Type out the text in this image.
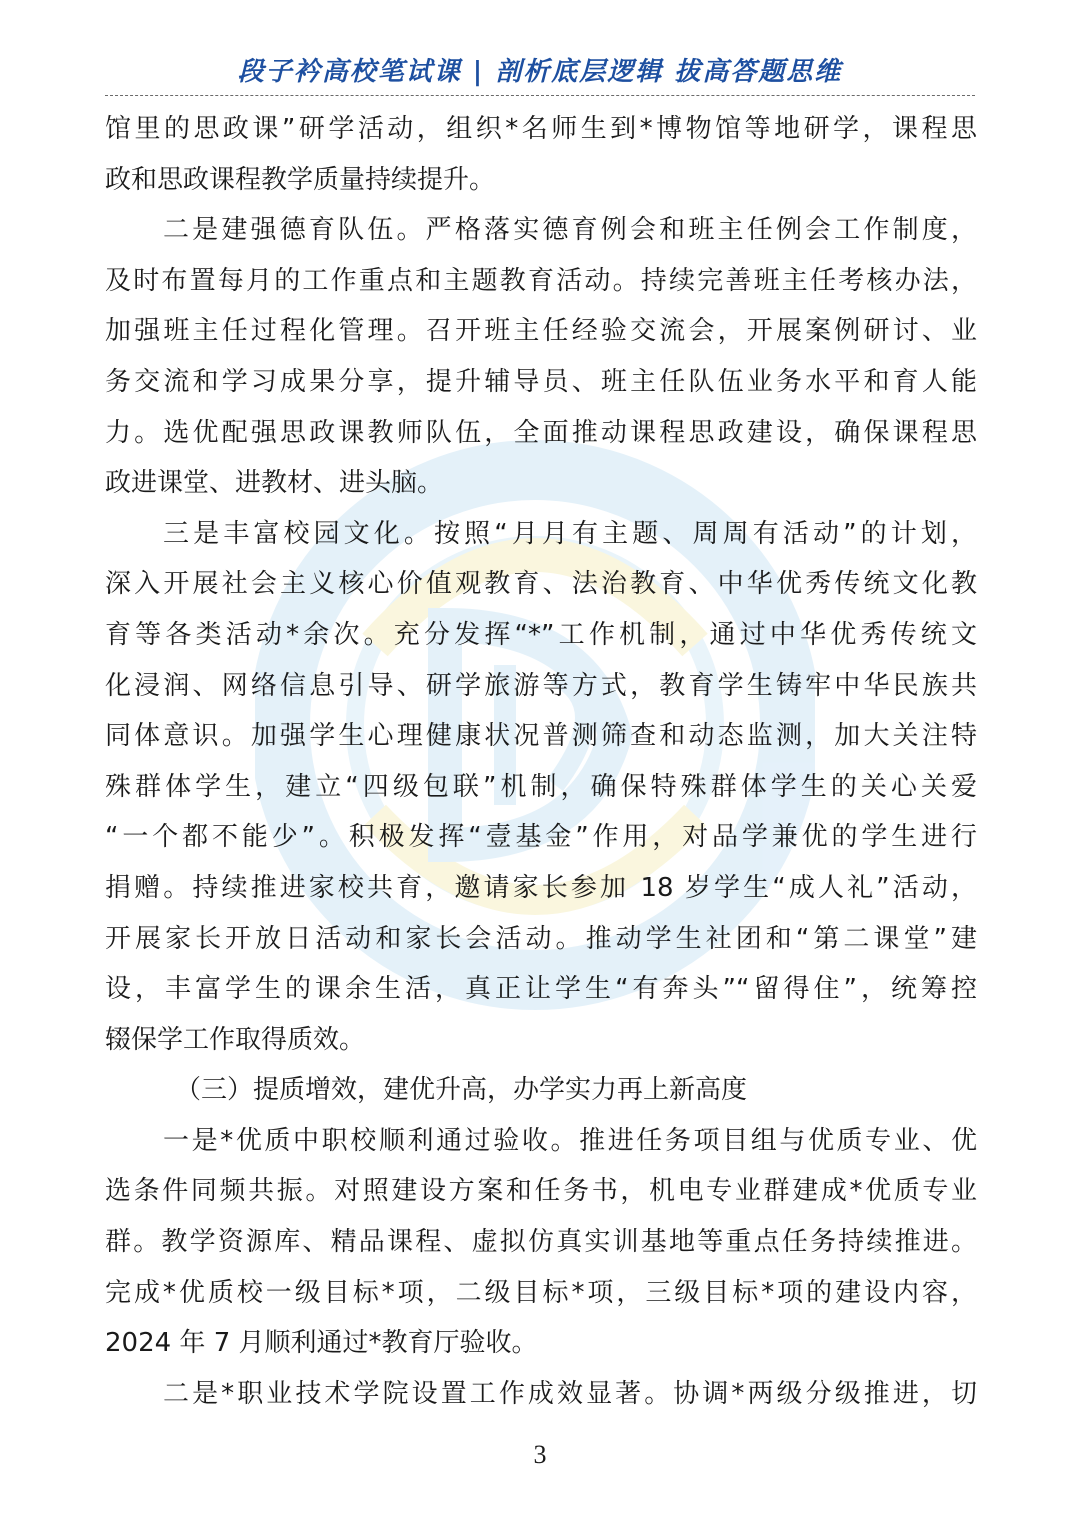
段子衿高校笔试课 | 剖析底层逻辑 拔高答题思维
馆里的思政课”研学活动，组织*名师生到*博物馆等地研学，课程思
政和思政课程教学质量持续提升。
二是建强德育队伍。严格落实德育例会和班主任例会工作制度，
及时布置每月的工作重点和主题教育活动。持续完善班主任考核办法，
加强班主任过程化管理。召开班主任经验交流会，开展案例研讨、业
务交流和学习成果分享，提升辅导员、班主任队伍业务水平和育人能
力。选优配强思政课教师队伍，全面推动课程思政建设，确保课程思
政进课堂、进教材、进头脑。
三是丰富校园文化。按照“月月有主题、周周有活动”的计划，
深入开展社会主义核心价值观教育、法治教育、中华优秀传统文化教
育等各类活动*余次。充分发挥“*”工作机制，通过中华优秀传统文
化浸润、网络信息引导、研学旅游等方式，教育学生铸牢中华民族共
同体意识。加强学生心理健康状况普测筛查和动态监测，加大关注特
殊群体学生，建立“四级包联”机制，确保特殊群体学生的关心关爱
“一个都不能少”。积极发挥“壹基金”作用，对品学兼优的学生进行
捐赠。持续推进家校共育，邀请家长参加 18 岁学生“成人礼”活动，
开展家长开放日活动和家长会活动。推动学生社团和“第二课堂”建
设，丰富学生的课余生活，真正让学生“有奔头”“留得住”，统筹控
辍保学工作取得质效。
（三）提质增效，建优升高，办学实力再上新高度
一是*优质中职校顺利通过验收。推进任务项目组与优质专业、优
选条件同频共振。对照建设方案和任务书，机电专业群建成*优质专业
群。教学资源库、精品课程、虚拟仿真实训基地等重点任务持续推进。
完成*优质校一级目标*项，二级目标*项，三级目标*项的建设内容，
2024 年 7 月顺利通过*教育厅验收。
二是*职业技术学院设置工作成效显著。协调*两级分级推进，切
3
